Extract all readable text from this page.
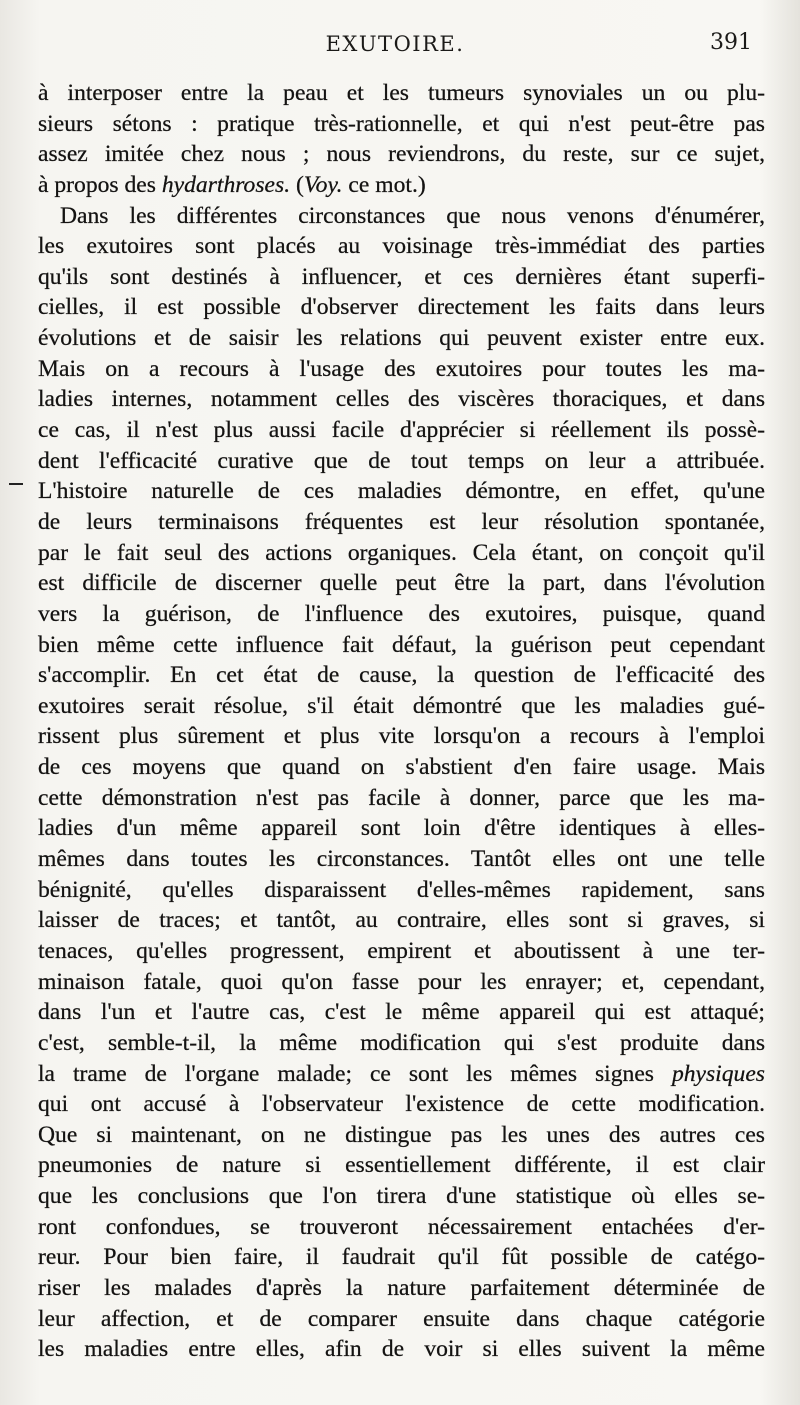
EXUTOIRE.	391
à interposer entre la peau et les tumeurs synoviales un ou plu-
sieurs sétons : pratique très-rationnelle, et qui n'est peut-être pas
assez imitée chez nous ; nous reviendrons, du reste, sur ce sujet,
à propos des hydarthroses. (Voy. ce mot.)
Dans les différentes circonstances que nous venons d'énumérer,
les exutoires sont placés au voisinage très-immédiat des parties
qu'ils sont destinés à influencer, et ces dernières étant superfi-
cielles, il est possible d'observer directement les faits dans leurs
évolutions et de saisir les relations qui peuvent exister entre eux.
Mais on a recours à l'usage des exutoires pour toutes les ma-
ladies internes, notamment celles des viscères thoraciques, et dans
ce cas, il n'est plus aussi facile d'apprécier si réellement ils possè-
dent l'efficacité curative que de tout temps on leur a attribuée.
L'histoire naturelle de ces maladies démontre, en effet, qu'une
de leurs terminaisons fréquentes est leur résolution spontanée,
par le fait seul des actions organiques. Cela étant, on conçoit qu'il
est difficile de discerner quelle peut être la part, dans l'évolution
vers la guérison, de l'influence des exutoires, puisque, quand
bien même cette influence fait défaut, la guérison peut cependant
s'accomplir. En cet état de cause, la question de l'efficacité des
exutoires serait résolue, s'il était démontré que les maladies gué-
rissent plus sûrement et plus vite lorsqu'on a recours à l'emploi
de ces moyens que quand on s'abstient d'en faire usage. Mais
cette démonstration n'est pas facile à donner, parce que les ma-
ladies d'un même appareil sont loin d'être identiques à elles-
mêmes dans toutes les circonstances. Tantôt elles ont une telle
bénignité, qu'elles disparaissent d'elles-mêmes rapidement, sans
laisser de traces; et tantôt, au contraire, elles sont si graves, si
tenaces, qu'elles progressent, empirent et aboutissent à une ter-
minaison fatale, quoi qu'on fasse pour les enrayer; et, cependant,
dans l'un et l'autre cas, c'est le même appareil qui est attaqué;
c'est, semble-t-il, la même modification qui s'est produite dans
la trame de l'organe malade; ce sont les mêmes signes physiques
qui ont accusé à l'observateur l'existence de cette modification.
Que si maintenant, on ne distingue pas les unes des autres ces
pneumonies de nature si essentiellement différente, il est clair
que les conclusions que l'on tirera d'une statistique où elles se-
ront confondues, se trouveront nécessairement entachées d'er-
reur. Pour bien faire, il faudrait qu'il fût possible de catégo-
riser les malades d'après la nature parfaitement déterminée de
leur affection, et de comparer ensuite dans chaque catégorie
les maladies entre elles, afin de voir si elles suivent la même
